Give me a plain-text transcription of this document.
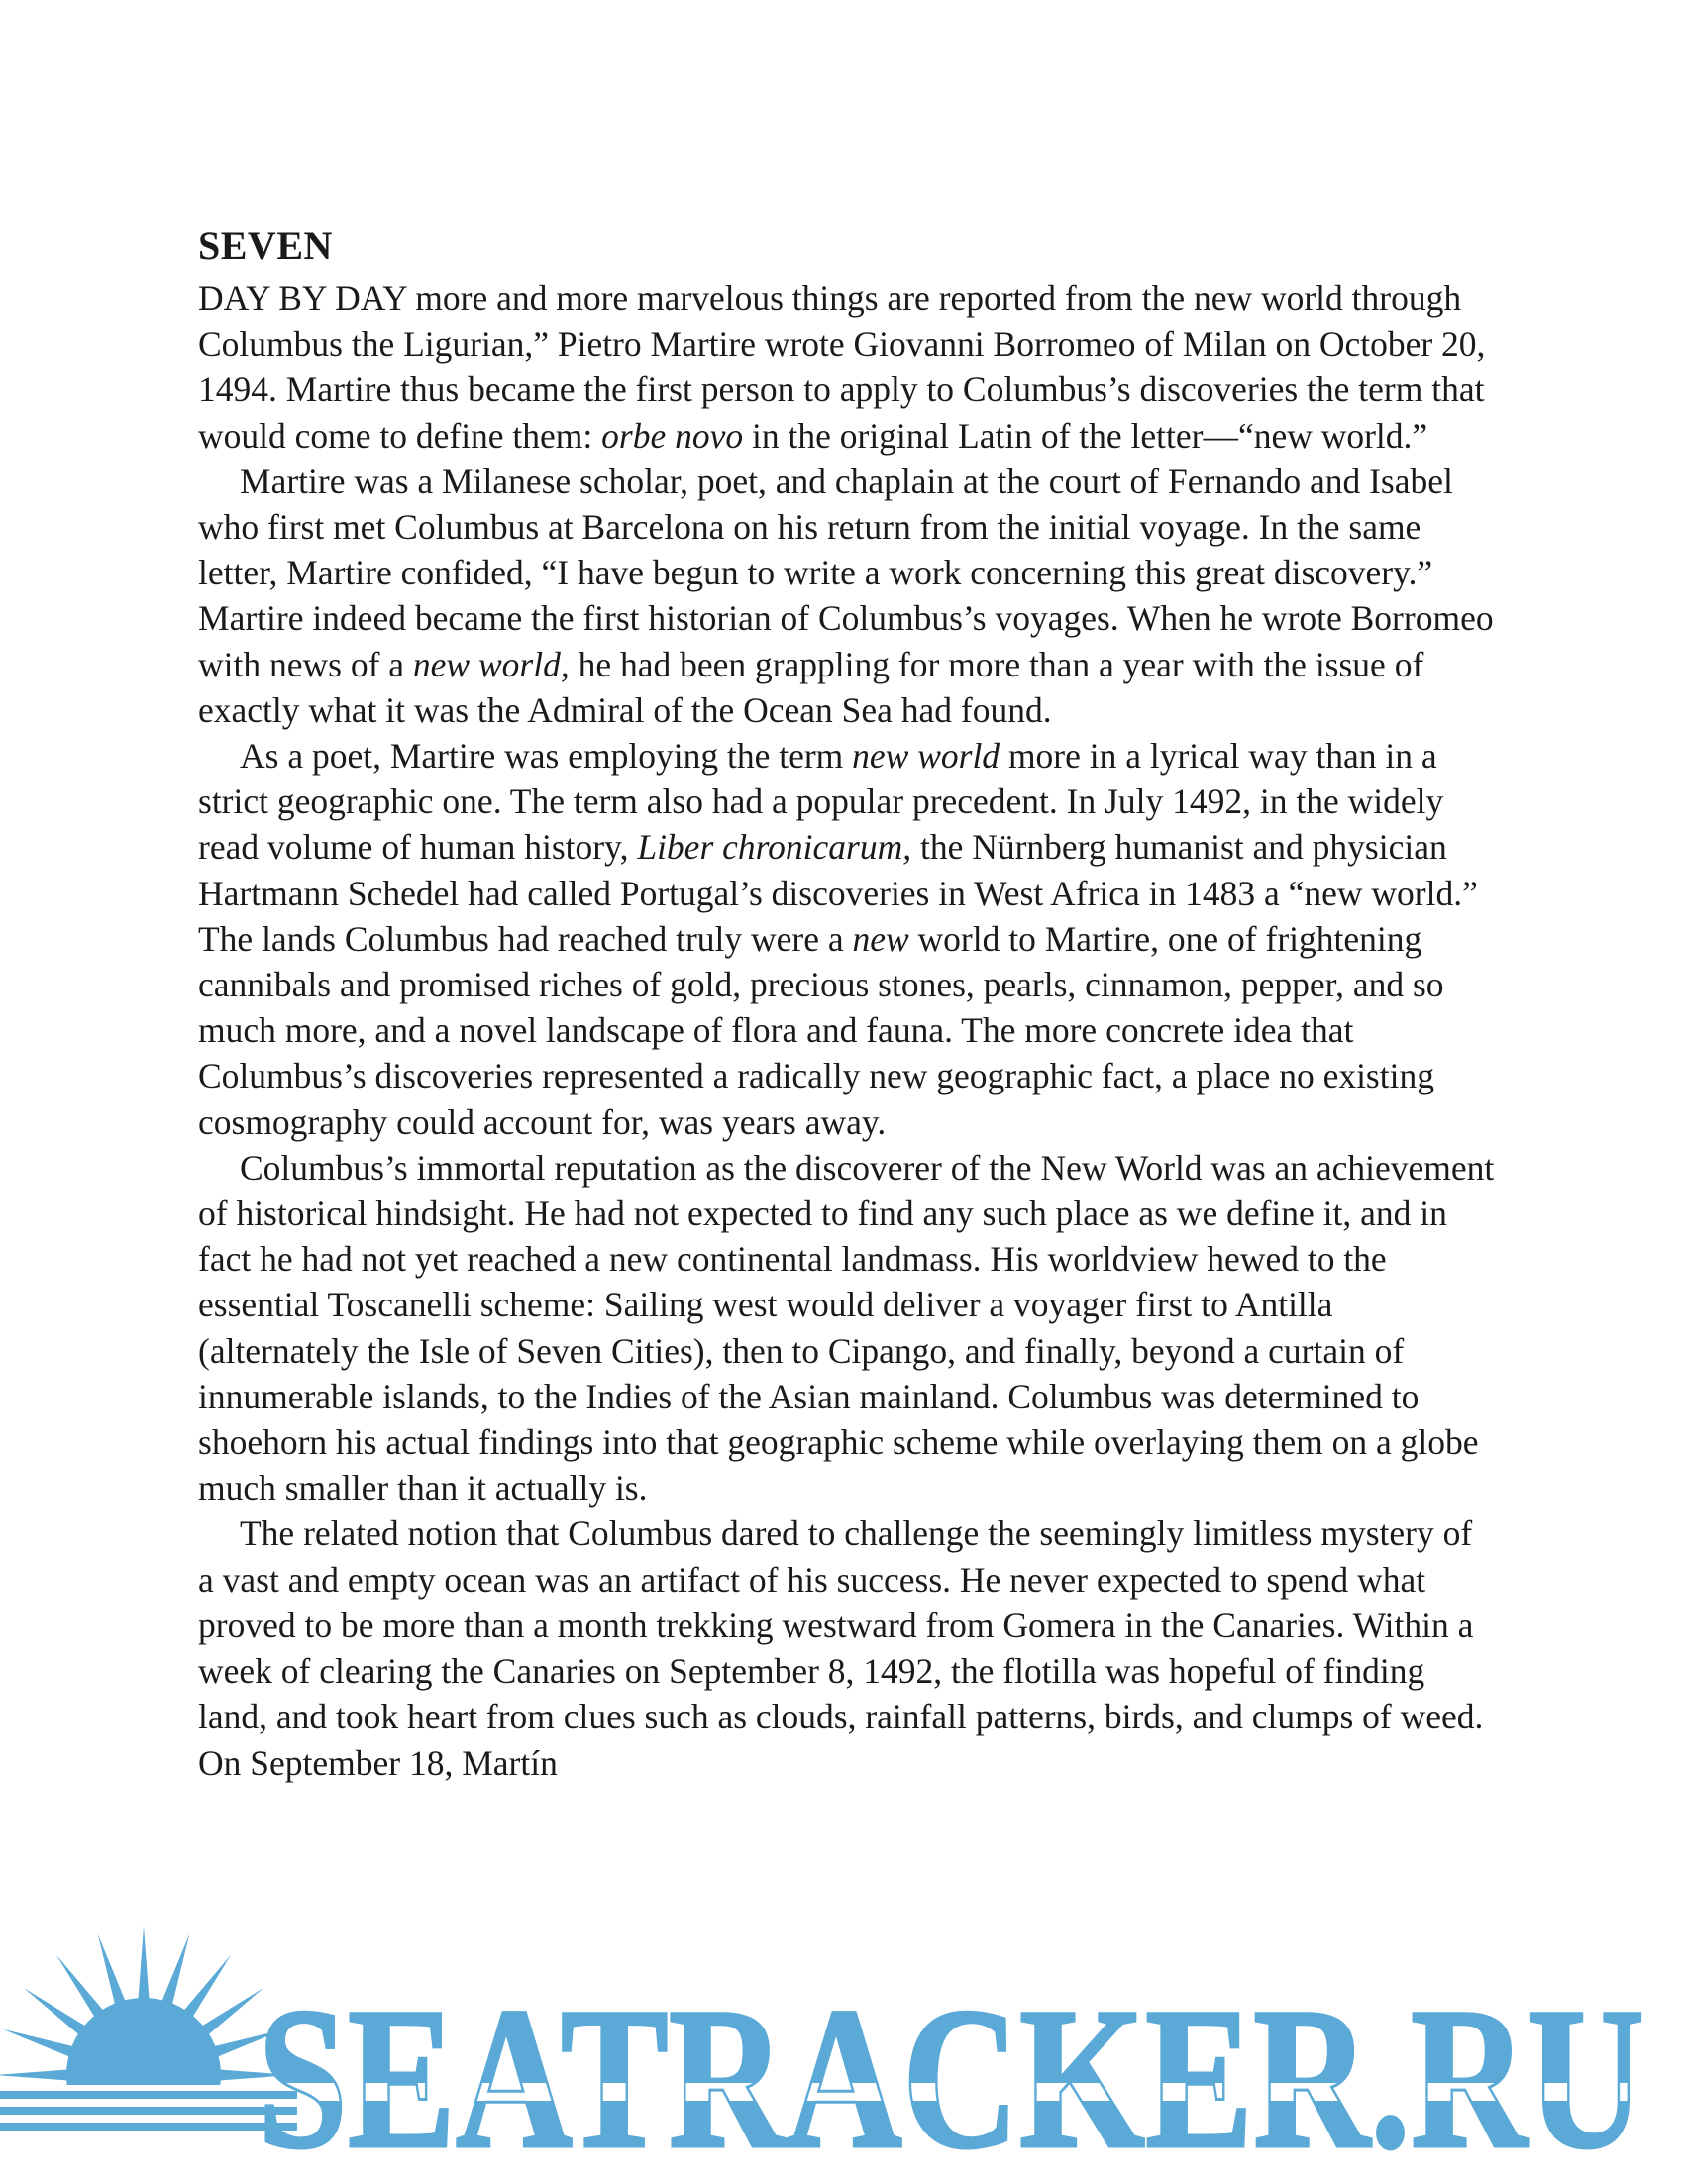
SEVEN

DAY BY DAY more and more marvelous things are reported from the new world through Columbus the Ligurian,” Pietro Martire wrote Giovanni Borromeo of Milan on October 20, 1494. Martire thus became the first person to apply to Columbus’s discoveries the term that would come to define them: orbe novo in the original Latin of the letter—“new world.”

Martire was a Milanese scholar, poet, and chaplain at the court of Fernando and Isabel who first met Columbus at Barcelona on his return from the initial voyage. In the same letter, Martire confided, “I have begun to write a work concerning this great discovery.” Martire indeed became the first historian of Columbus’s voyages. When he wrote Borromeo with news of a new world, he had been grappling for more than a year with the issue of exactly what it was the Admiral of the Ocean Sea had found.

As a poet, Martire was employing the term new world more in a lyrical way than in a strict geographic one. The term also had a popular precedent. In July 1492, in the widely read volume of human history, Liber chronicarum, the Nürnberg humanist and physician Hartmann Schedel had called Portugal’s discoveries in West Africa in 1483 a “new world.” The lands Columbus had reached truly were a new world to Martire, one of frightening cannibals and promised riches of gold, precious stones, pearls, cinnamon, pepper, and so much more, and a novel landscape of flora and fauna. The more concrete idea that Columbus’s discoveries represented a radically new geographic fact, a place no existing cosmography could account for, was years away.

Columbus’s immortal reputation as the discoverer of the New World was an achievement of historical hindsight. He had not expected to find any such place as we define it, and in fact he had not yet reached a new continental landmass. His worldview hewed to the essential Toscanelli scheme: Sailing west would deliver a voyager first to Antilla (alternately the Isle of Seven Cities), then to Cipango, and finally, beyond a curtain of innumerable islands, to the Indies of the Asian mainland. Columbus was determined to shoehorn his actual findings into that geographic scheme while overlaying them on a globe much smaller than it actually is.

The related notion that Columbus dared to challenge the seemingly limitless mystery of a vast and empty ocean was an artifact of his success. He never expected to spend what proved to be more than a month trekking westward from Gomera in the Canaries. Within a week of clearing the Canaries on September 8, 1492, the flotilla was hopeful of finding land, and took heart from clues such as clouds, rainfall patterns, birds, and clumps of weed. On September 18, Martín

SEATRACKER.RU
